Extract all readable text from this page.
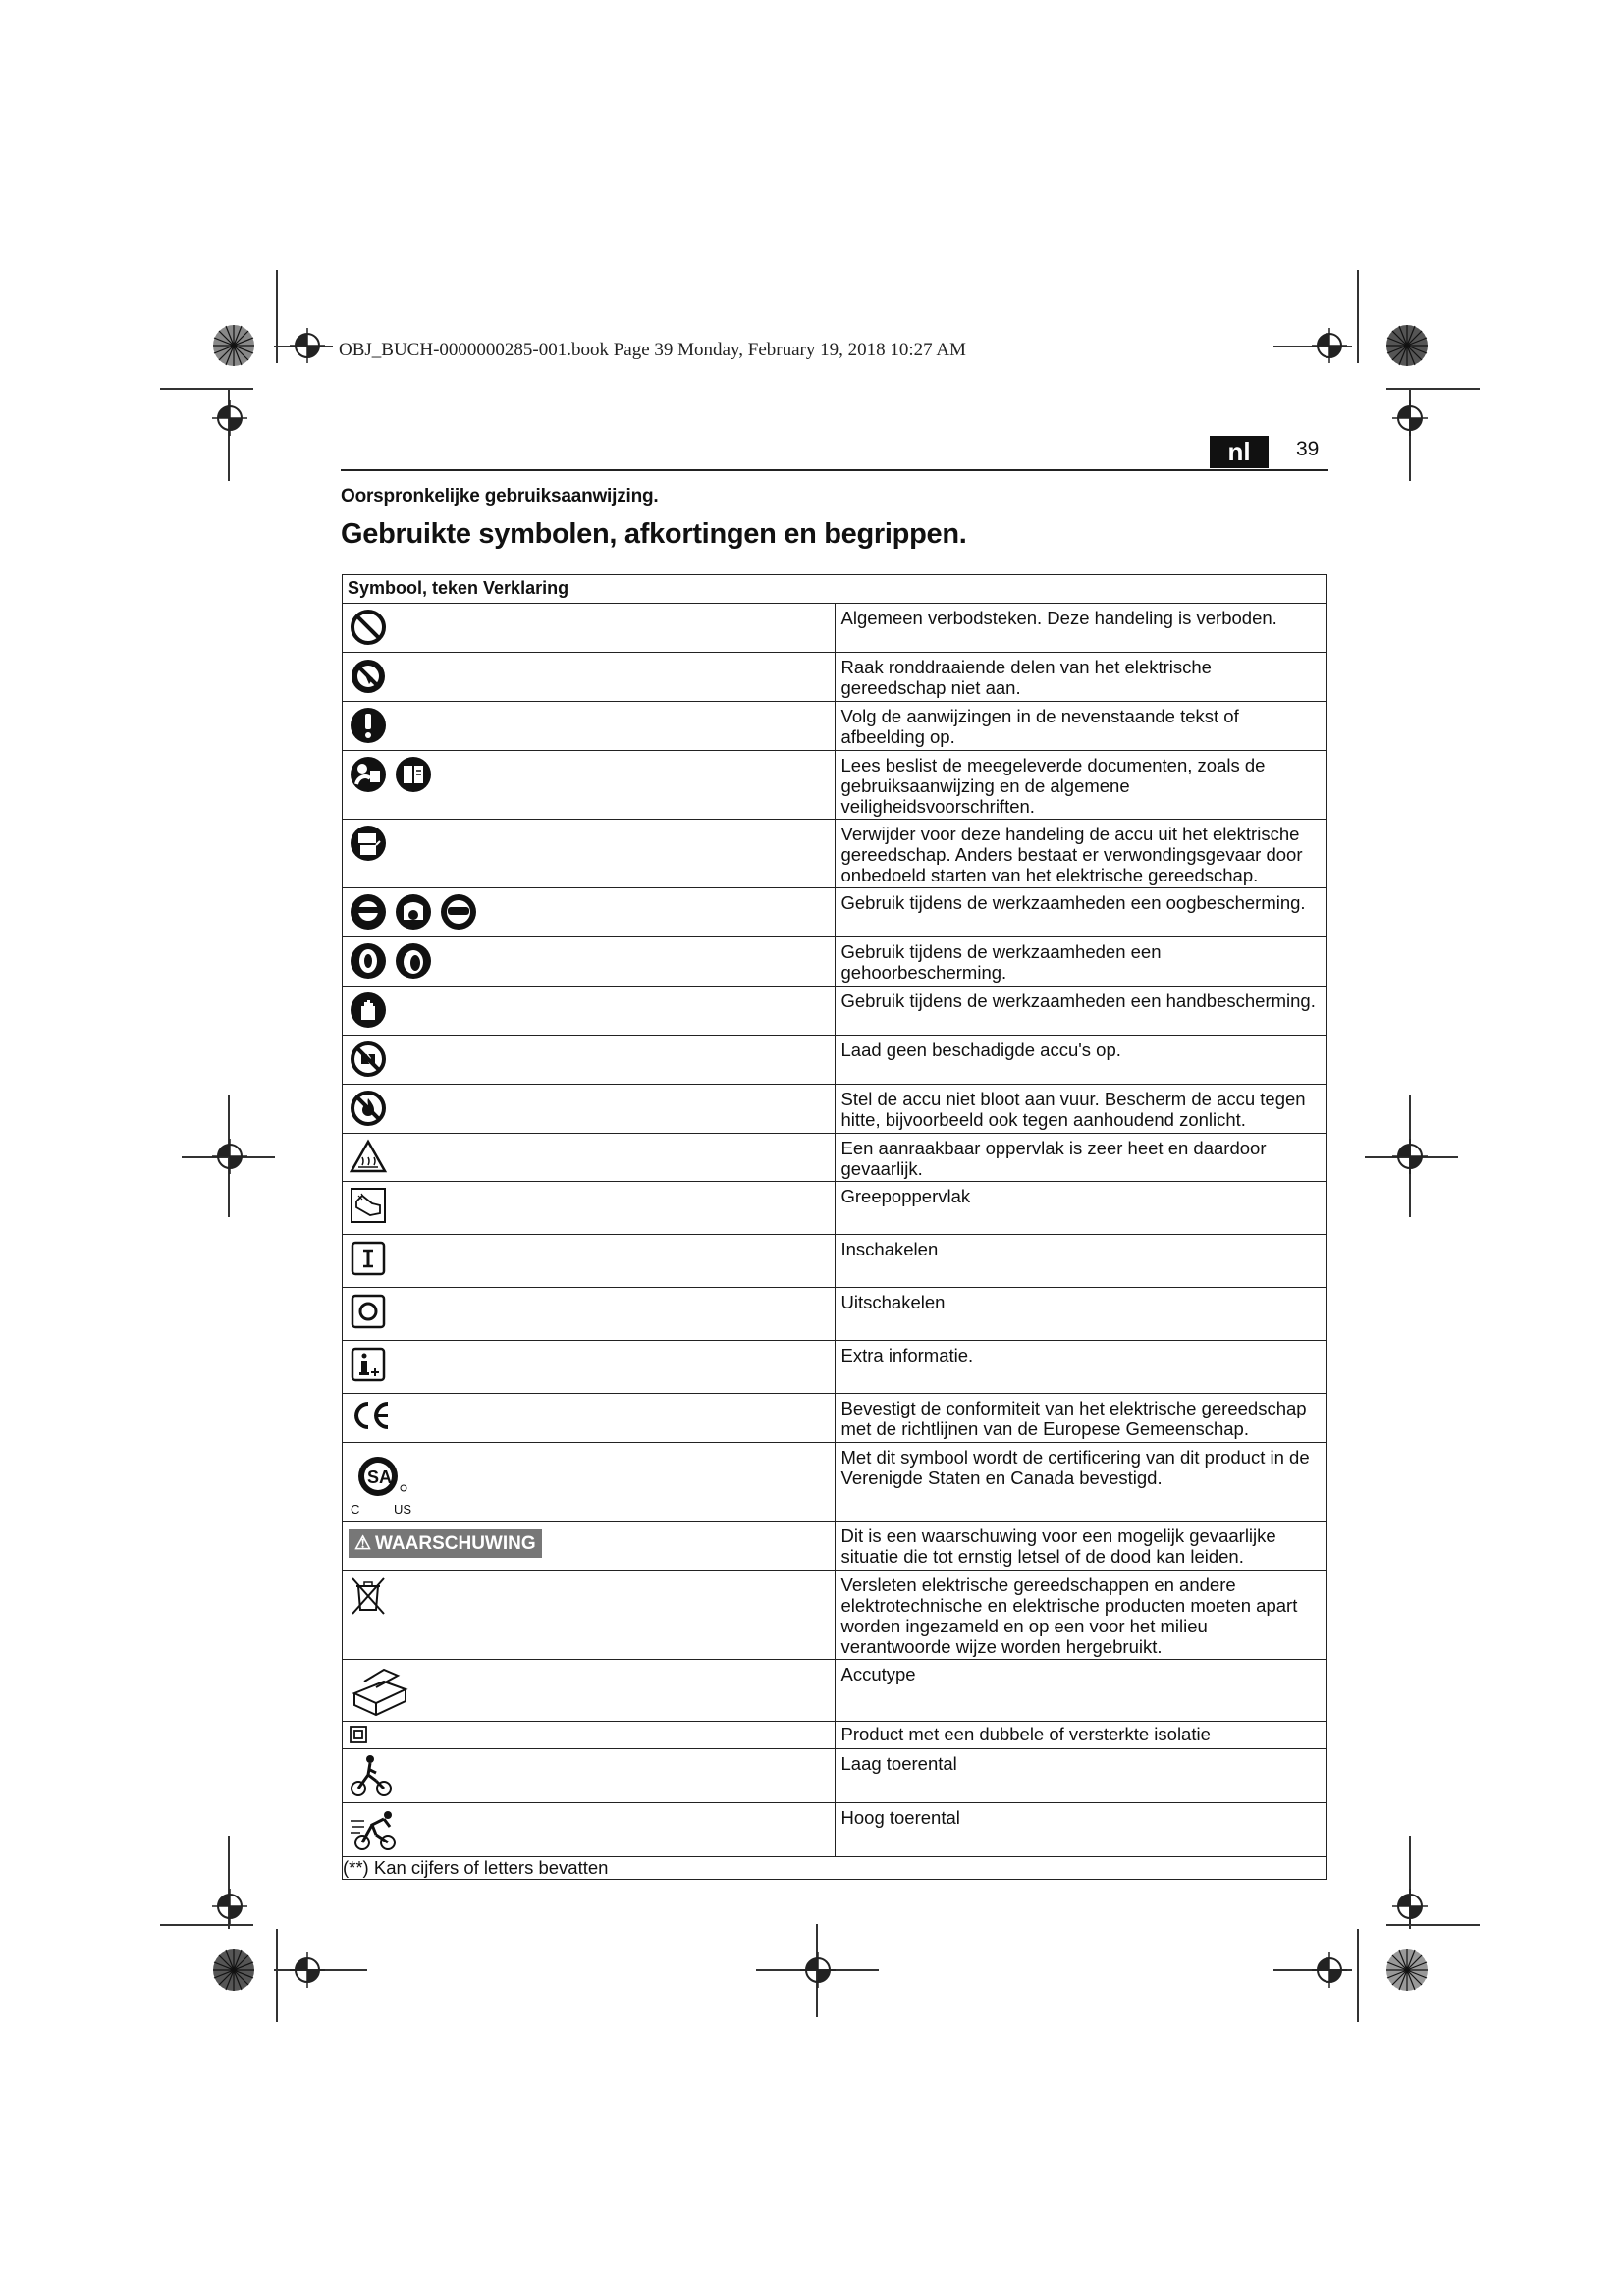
OBJ_BUCH-0000000285-001.book Page 39 Monday, February 19, 2018 10:27 AM
nl	39
Oorspronkelijke gebruiksaanwijzing.
Gebruikte symbolen, afkortingen en begrippen.
Symbool, teken Verklaring	
	Algemeen verbodsteken. Deze handeling is verboden.
	Raak ronddraaiende delen van het elektrische gereedschap niet aan.
	Volg de aanwijzingen in de nevenstaande tekst of afbeelding op.
	Lees beslist de meegeleverde documenten, zoals de gebruiksaanwijzing en de algemene veiligheidsvoorschriften.
	Verwijder voor deze handeling de accu uit het elektrische gereedschap. Anders bestaat er verwondingsgevaar door onbedoeld starten van het elektrische gereedschap.
	Gebruik tijdens de werkzaamheden een oogbescherming.
	Gebruik tijdens de werkzaamheden een gehoorbescherming.
	Gebruik tijdens de werkzaamheden een handbescherming.
	Laad geen beschadigde accu's op.
	Stel de accu niet bloot aan vuur. Bescherm de accu tegen hitte, bijvoorbeeld ook tegen aanhoudend zonlicht.
	Een aanraakbaar oppervlak is zeer heet en daardoor gevaarlijk.
	Greepoppervlak
	Inschakelen
	Uitschakelen
	Extra informatie.
	Bevestigt de conformiteit van het elektrische gereedschap met de richtlijnen van de Europese Gemeenschap.

SA
C US	Met dit symbool wordt de certificering van dit product in de Verenigde Staten en Canada bevestigd.
⚠ WAARSCHUWING	Dit is een waarschuwing voor een mogelijk gevaarlijke situatie die tot ernstig letsel of de dood kan leiden.
	Versleten elektrische gereedschappen en andere elektrotechnische en elektrische producten moeten apart worden ingezameld en op een voor het milieu verantwoorde wijze worden hergebruikt.
	Accutype
	Product met een dubbele of versterkte isolatie
	Laag toerental
	Hoog toerental
(**) Kan cijfers of letters bevatten	
